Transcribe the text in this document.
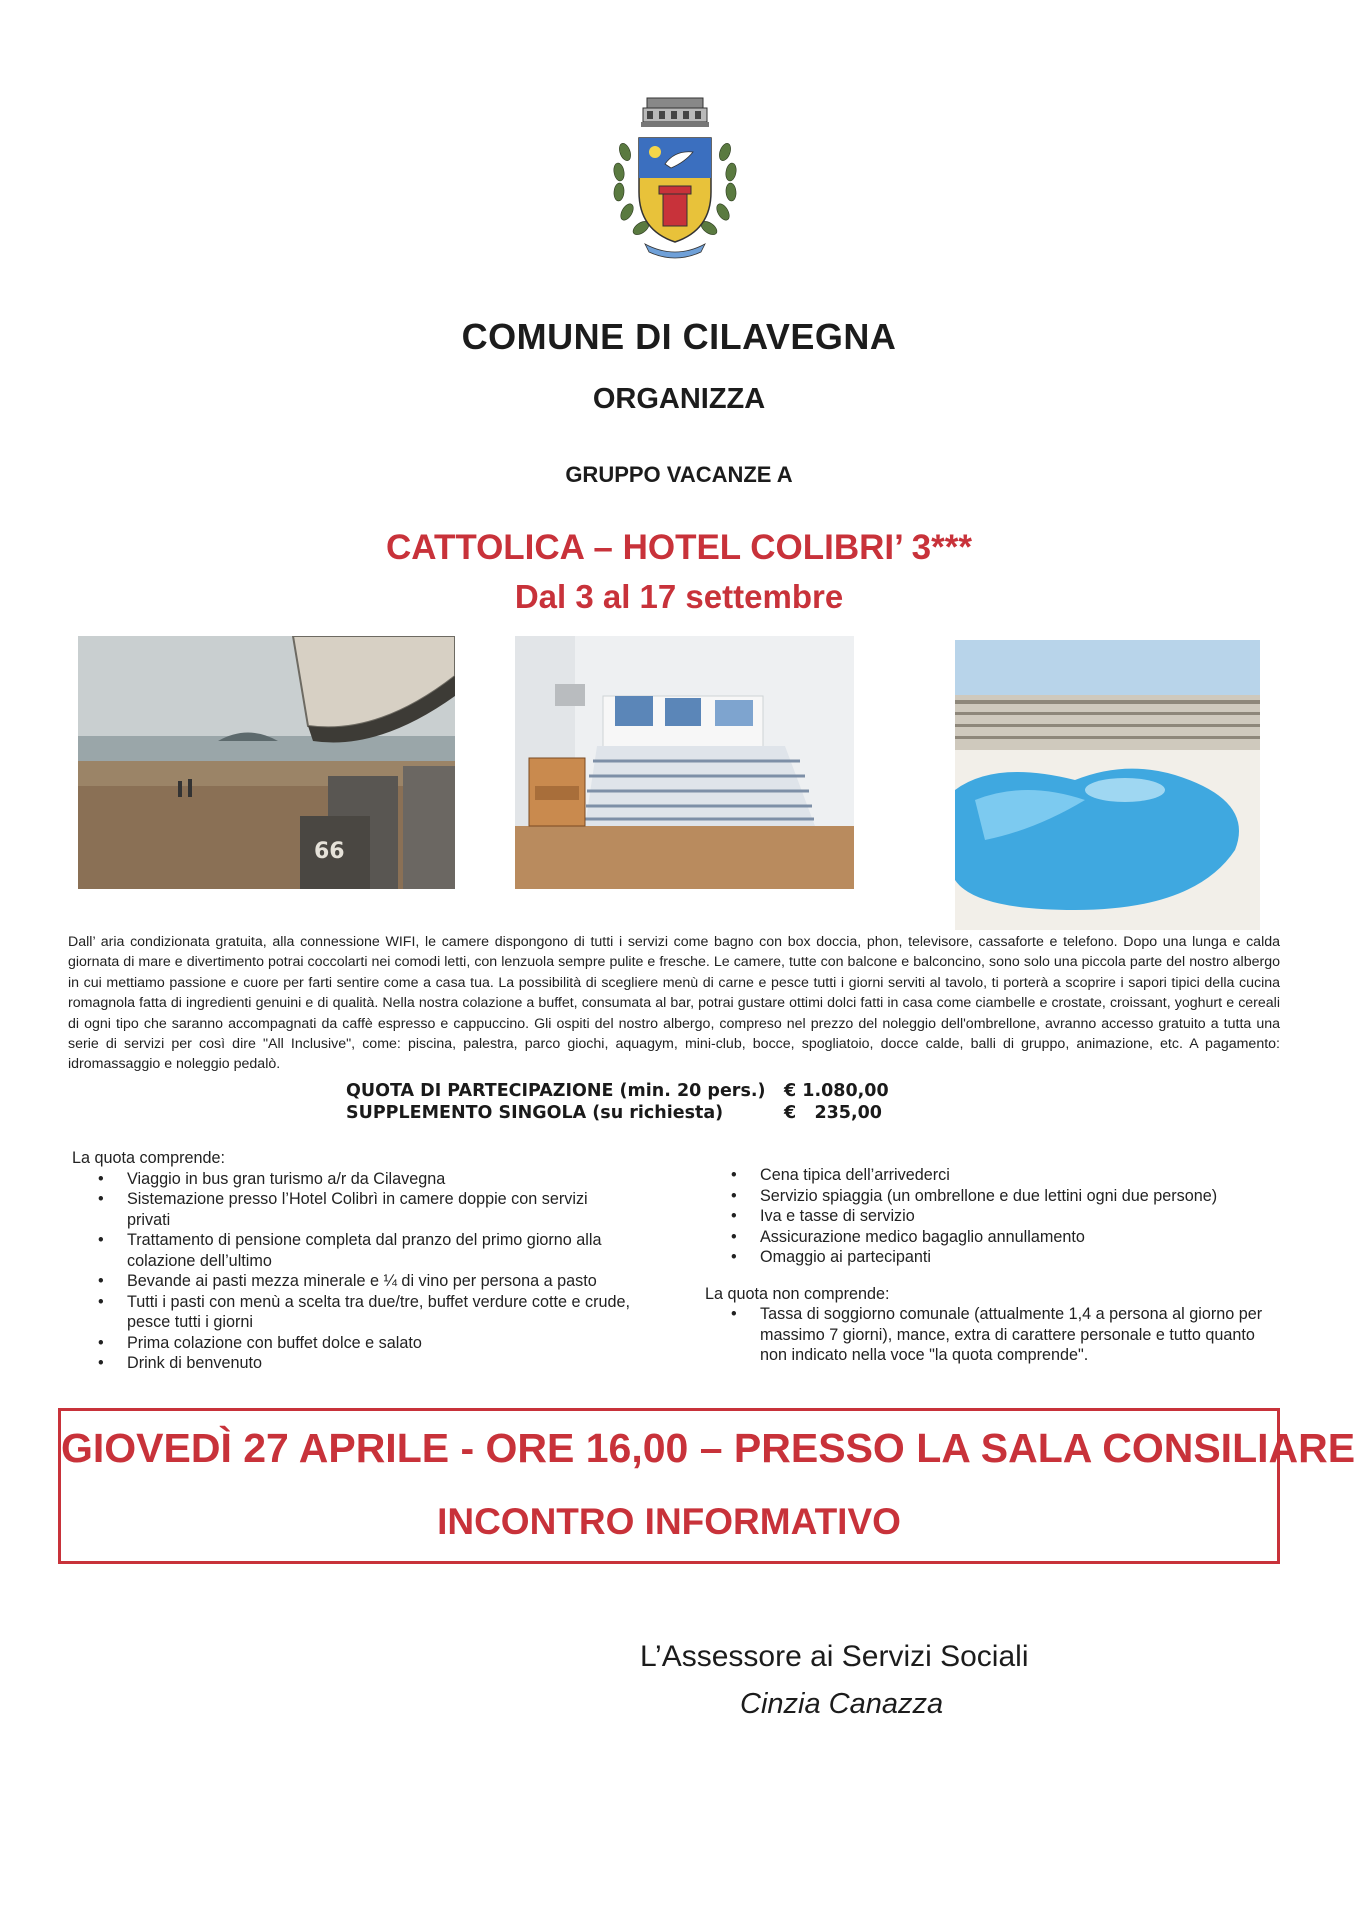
COMUNE DI CILAVEGNA
ORGANIZZA
GRUPPO VACANZE A
CATTOLICA – HOTEL COLIBRI’ 3***
Dal 3 al 17 settembre
66
Dall’ aria condizionata gratuita, alla connessione WIFI, le camere dispongono di tutti i servizi come bagno con box doccia, phon, televisore, cassaforte e telefono. Dopo una lunga e calda giornata di mare e divertimento potrai coccolarti nei comodi letti, con lenzuola sempre pulite e fresche. Le camere, tutte con balcone e balconcino, sono solo una piccola parte del nostro albergo in cui mettiamo passione e cuore per farti sentire come a casa tua. La possibilità di scegliere menù di carne e pesce tutti i giorni serviti al tavolo, ti porterà a scoprire i sapori tipici della cucina romagnola fatta di ingredienti genuini e di qualità. Nella nostra colazione a buffet, consumata al bar, potrai gustare ottimi dolci fatti in casa come ciambelle e crostate, croissant, yoghurt e cereali di ogni tipo che saranno accompagnati da caffè espresso e cappuccino. Gli ospiti del nostro albergo, compreso nel prezzo del noleggio dell'ombrellone, avranno accesso gratuito a tutta una serie di servizi per così dire "All Inclusive", come: piscina, palestra, parco giochi, aquagym, mini-club, bocce, spogliatoio, docce calde, balli di gruppo, animazione, etc. A pagamento: idromassaggio e noleggio pedalò.
QUOTA DI PARTECIPAZIONE (min. 20 pers.)	€ 1.080,00
SUPPLEMENTO SINGOLA (su richiesta)	€   235,00
La quota comprende:
• Viaggio in bus gran turismo a/r da Cilavegna
• Sistemazione presso l’Hotel Colibrì in camere doppie con servizi privati
• Trattamento di pensione completa dal pranzo del primo giorno alla colazione dell’ultimo
• Bevande ai pasti mezza minerale e ¼ di vino per persona a pasto
• Tutti i pasti con menù a scelta tra due/tre, buffet verdure cotte e crude, pesce tutti i giorni
• Prima colazione con buffet dolce e salato
• Drink di benvenuto
• Cena tipica dell’arrivederci
• Servizio spiaggia (un ombrellone e due lettini ogni due persone)
• Iva e tasse di servizio
• Assicurazione medico bagaglio annullamento
• Omaggio ai partecipanti
La quota non comprende:
• Tassa di soggiorno comunale (attualmente 1,4 a persona al giorno per massimo 7 giorni), mance, extra di carattere personale e tutto quanto non indicato nella voce "la quota comprende".
GIOVEDÌ 27 APRILE - ORE 16,00 – PRESSO LA SALA CONSILIARE
INCONTRO INFORMATIVO
L’Assessore ai Servizi Sociali
Cinzia Canazza
